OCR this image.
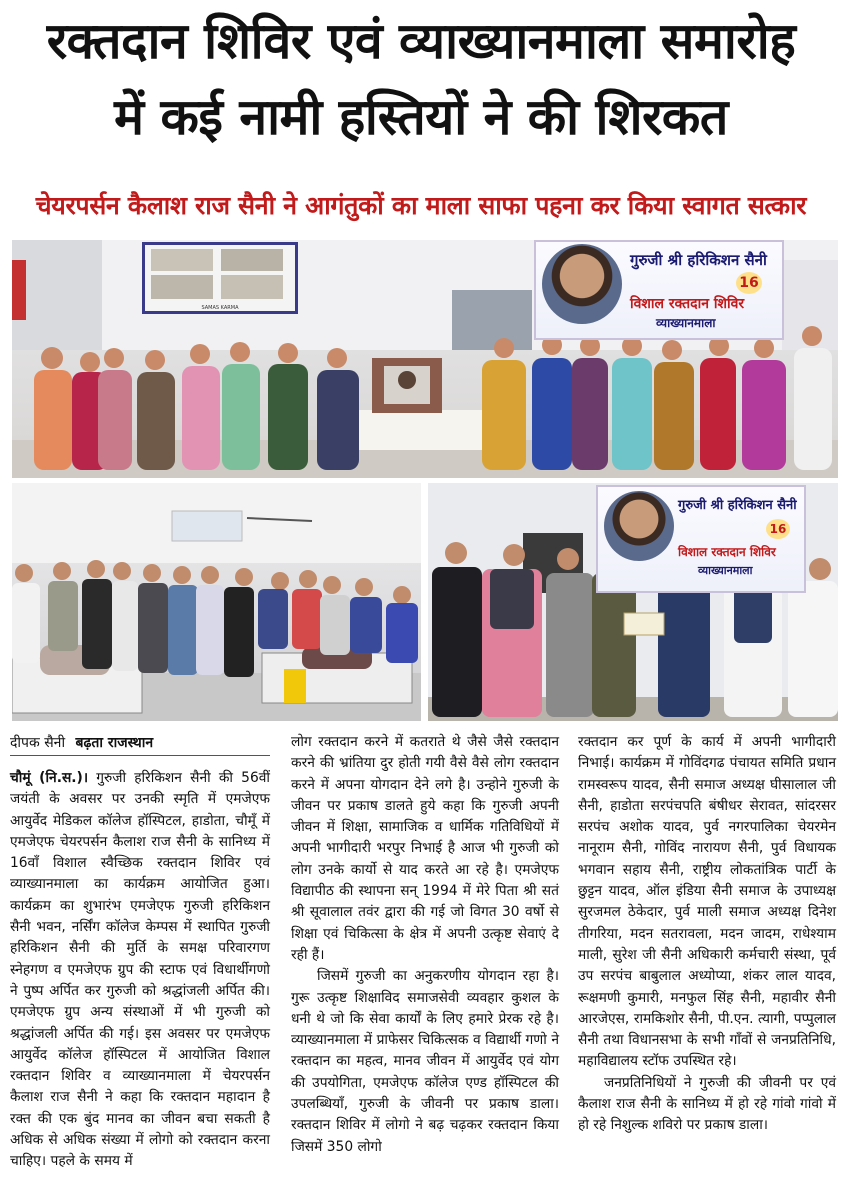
रक्तदान शिविर एवं व्याख्यानमाला समारोह
में कई नामी हस्तियों ने की शिरकत
चेयरपर्सन कैलाश राज सैनी ने आगंतुकों का माला साफा पहना कर किया स्वागत सत्कार
SAMAS KARMA
गुरुजी श्री हरिकिशन सैनी
16
विशाल रक्तदान शिविर
व्याख्यानमाला
गुरुजी श्री हरिकिशन सैनी
16
विशाल रक्तदान शिविर
व्याख्यानमाला
दीपक सैनी बढ़ता राजस्थान

चौमूं (नि.स.)। गुरुजी हरिकिशन सैनी की 56वीं जयंती के अवसर पर उनकी स्मृति में एमजेएफ आयुर्वेद मेडिकल कॉलेज हॉस्पिटल, हाडोता, चौमूँ में एमजेएफ चेयरपर्सन कैलाश राज सैनी के सानिध्य में 16वाँ विशाल स्वैच्छिक रक्तदान शिविर एवं व्याख्यानमाला का कार्यक्रम आयोजित हुआ। कार्यक्रम का शुभारंभ एमजेएफ गुरुजी हरिकिशन सैनी भवन, नर्सिंग कॉलेज केम्पस में स्थापित गुरुजी हरिकिशन सैनी की मुर्ति के समक्ष परिवारगण स्नेहगण व एमजेएफ ग्रुप की स्टाफ एवं विधार्थीगणो ने पुष्प अर्पित कर गुरुजी को श्रद्धांजली अर्पित की। एमजेएफ ग्रुप अन्य संस्थाओं में भी गुरुजी को श्रद्धांजली अर्पित की गई। इस अवसर पर एमजेएफ आयुर्वेद कॉलेज हॉस्पिटल में आयोजित विशाल रक्तदान शिविर व व्याख्यानमाला में चेयरपर्सन कैलाश राज सैनी ने कहा कि रक्तदान महादान है रक्त की एक बुंद मानव का जीवन बचा सकती है अधिक से अधिक संख्या में लोगो को रक्तदान करना चाहिए। पहले के समय में

लोग रक्तदान करने में कतराते थे जैसे जैसे रक्तदान करने की भ्रांतिया दुर होती गयी वैसे वैसे लोग रक्तदान करने में अपना योगदान देने लगे है। उन्होने गुरुजी के जीवन पर प्रकाष डालते हुये कहा कि गुरुजी अपनी जीवन में शिक्षा, सामाजिक व धार्मिक गतिविधियों में अपनी भागीदारी भरपुर निभाई है आज भी गुरुजी को लोग उनके कार्यो से याद करते आ रहे है। एमजेएफ विद्यापीठ की स्थापना सन् 1994 में मेरे पिता श्री सतं श्री सूवालाल तवंर द्वारा की गई जो विगत 30 वर्षो से शिक्षा एवं चिकित्सा के क्षेत्र में अपनी उत्कृष्ट सेवाएं दे रही हैं।

जिसमें गुरुजी का अनुकरणीय योगदान रहा है। गुरू उत्कृष्ट शिक्षाविद समाजसेवी व्यवहार कुशल के धनी थे जो कि सेवा कार्यों के लिए हमारे प्रेरक रहे है। व्याख्यानमाला में प्राफेसर चिकित्सक व विद्यार्थी गणो ने रक्तदान का महत्व, मानव जीवन में आयुर्वेद एवं योग की उपयोगिता, एमजेएफ कॉलेज एण्ड हॉस्पिटल की उपलब्धियाँ, गुरुजी के जीवनी पर प्रकाष डाला। रक्तदान शिविर में लोगो ने बढ़ चढ़कर रक्तदान किया जिसमें 350 लोगो

रक्तदान कर पूर्ण के कार्य में अपनी भागीदारी निभाई। कार्यक्रम में गोविंदगढ पंचायत समिति प्रधान रामस्वरूप यादव, सैनी समाज अध्यक्ष घीसालाल जी सैनी, हाडोता सरपंचपति बंषीधर सेरावत, सांदरसर सरपंच अशोक यादव, पुर्व नगरपालिका चेयरमेन नानूराम सैनी, गोविंद नारायण सैनी, पुर्व विधायक भगवान सहाय सैनी, राष्ट्रीय लोकतांत्रिक पार्टी के छुट्टन यादव, ऑल इंडिया सैनी समाज के उपाध्यक्ष सुरजमल ठेकेदार, पुर्व माली समाज अध्यक्ष दिनेश तीगरिया, मदन सतरावला, मदन जादम, राधेश्याम माली, सुरेश जी सैनी अधिकारी कर्मचारी संस्था, पूर्व उप सरपंच बाबुलाल अध्योप्या, शंकर लाल यादव, रूक्षमणी कुमारी, मनफुल सिंह सैनी, महावीर सैनी आरजेएस, रामकिशोर सैनी, पी.एन. त्यागी, पप्पुलाल सैनी तथा विधानसभा के सभी गाँवों से जनप्रतिनिधि, महाविद्यालय स्टॉफ उपस्थित रहे।

जनप्रतिनिधियों ने गुरुजी की जीवनी पर एवं कैलाश राज सैनी के सानिध्य में हो रहे गांवो गांवो में हो रहे निशुल्क शविरो पर प्रकाष डाला।
